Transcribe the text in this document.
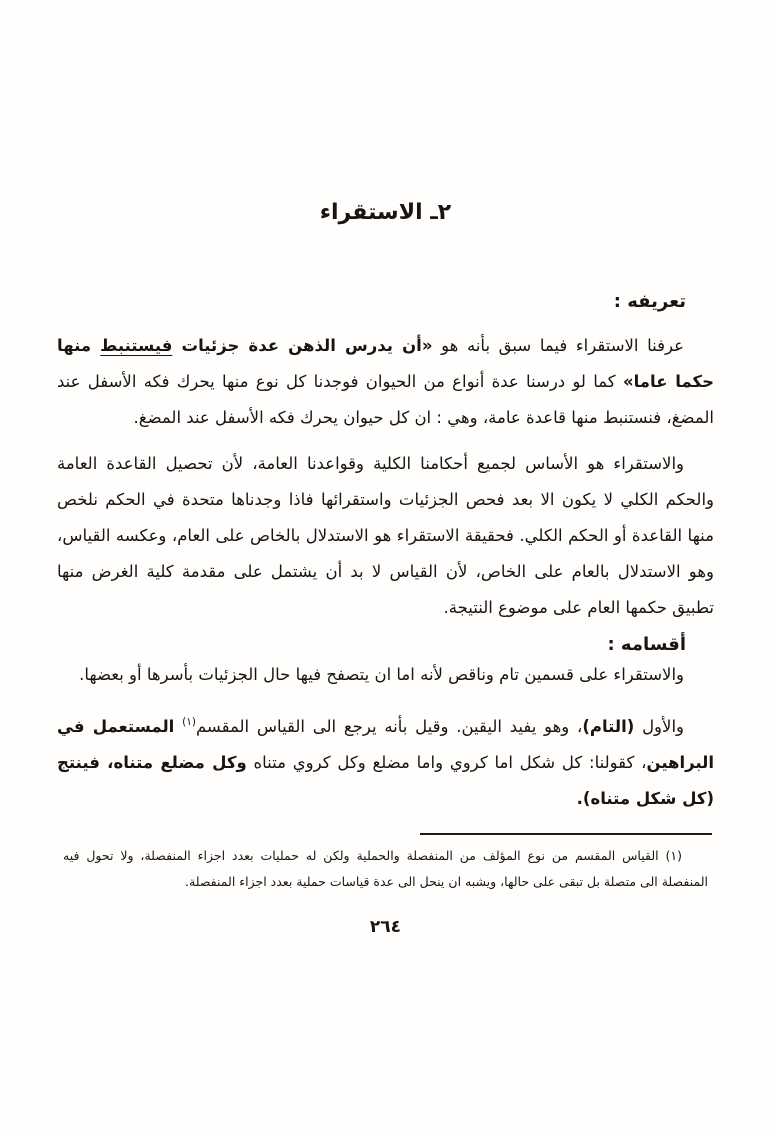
٢ـ الاستقراء
تعريفه :

عرفنا الاستقراء فيما سبق بأنه هو «أن يدرس الذهن عدة جزئيات فيستنبط منها حكما عاما» كما لو درسنا عدة أنواع من الحيوان فوجدنا كل نوع منها يحرك فكه الأسفل عند المضغ، فنستنبط منها قاعدة عامة، وهي : ان كل حيوان يحرك فكه الأسفل عند المضغ.

والاستقراء هو الأساس لجميع أحكامنا الكلية وقواعدنا العامة، لأن تحصيل القاعدة العامة والحكم الكلي لا يكون الا بعد فحص الجزئيات واستقرائها فاذا وجدناها متحدة في الحكم نلخص منها القاعدة أو الحكم الكلي. فحقيقة الاستقراء هو الاستدلال بالخاص على العام، وعكسه القياس، وهو الاستدلال بالعام على الخاص، لأن القياس لا بد أن يشتمل على مقدمة كلية الغرض منها تطبيق حكمها العام على موضوع النتيجة.

أقسامه :

والاستقراء على قسمين تام وناقص لأنه اما ان يتصفح فيها حال الجزئيات بأسرها أو بعضها.

والأول (التام)، وهو يفيد اليقين. وقيل بأنه يرجع الى القياس المقسم$^{(١)}$ المستعمل في البراهين، كقولنا: كل شكل اما كروي واما مضلع وكل كروي متناه وكل مضلع متناه، فينتج (كل شكل متناه).

(١) القياس المقسم من نوع المؤلف من المنفصلة والحملية ولكن له حمليات بعدد اجزاء المنفصلة، ولا تحول فيه المنفصلة الى متصلة بل تبقى على حالها، ويشبه ان ينحل الى عدة قياسات حملية بعدد اجزاء المنفصلة.

٢٦٤
